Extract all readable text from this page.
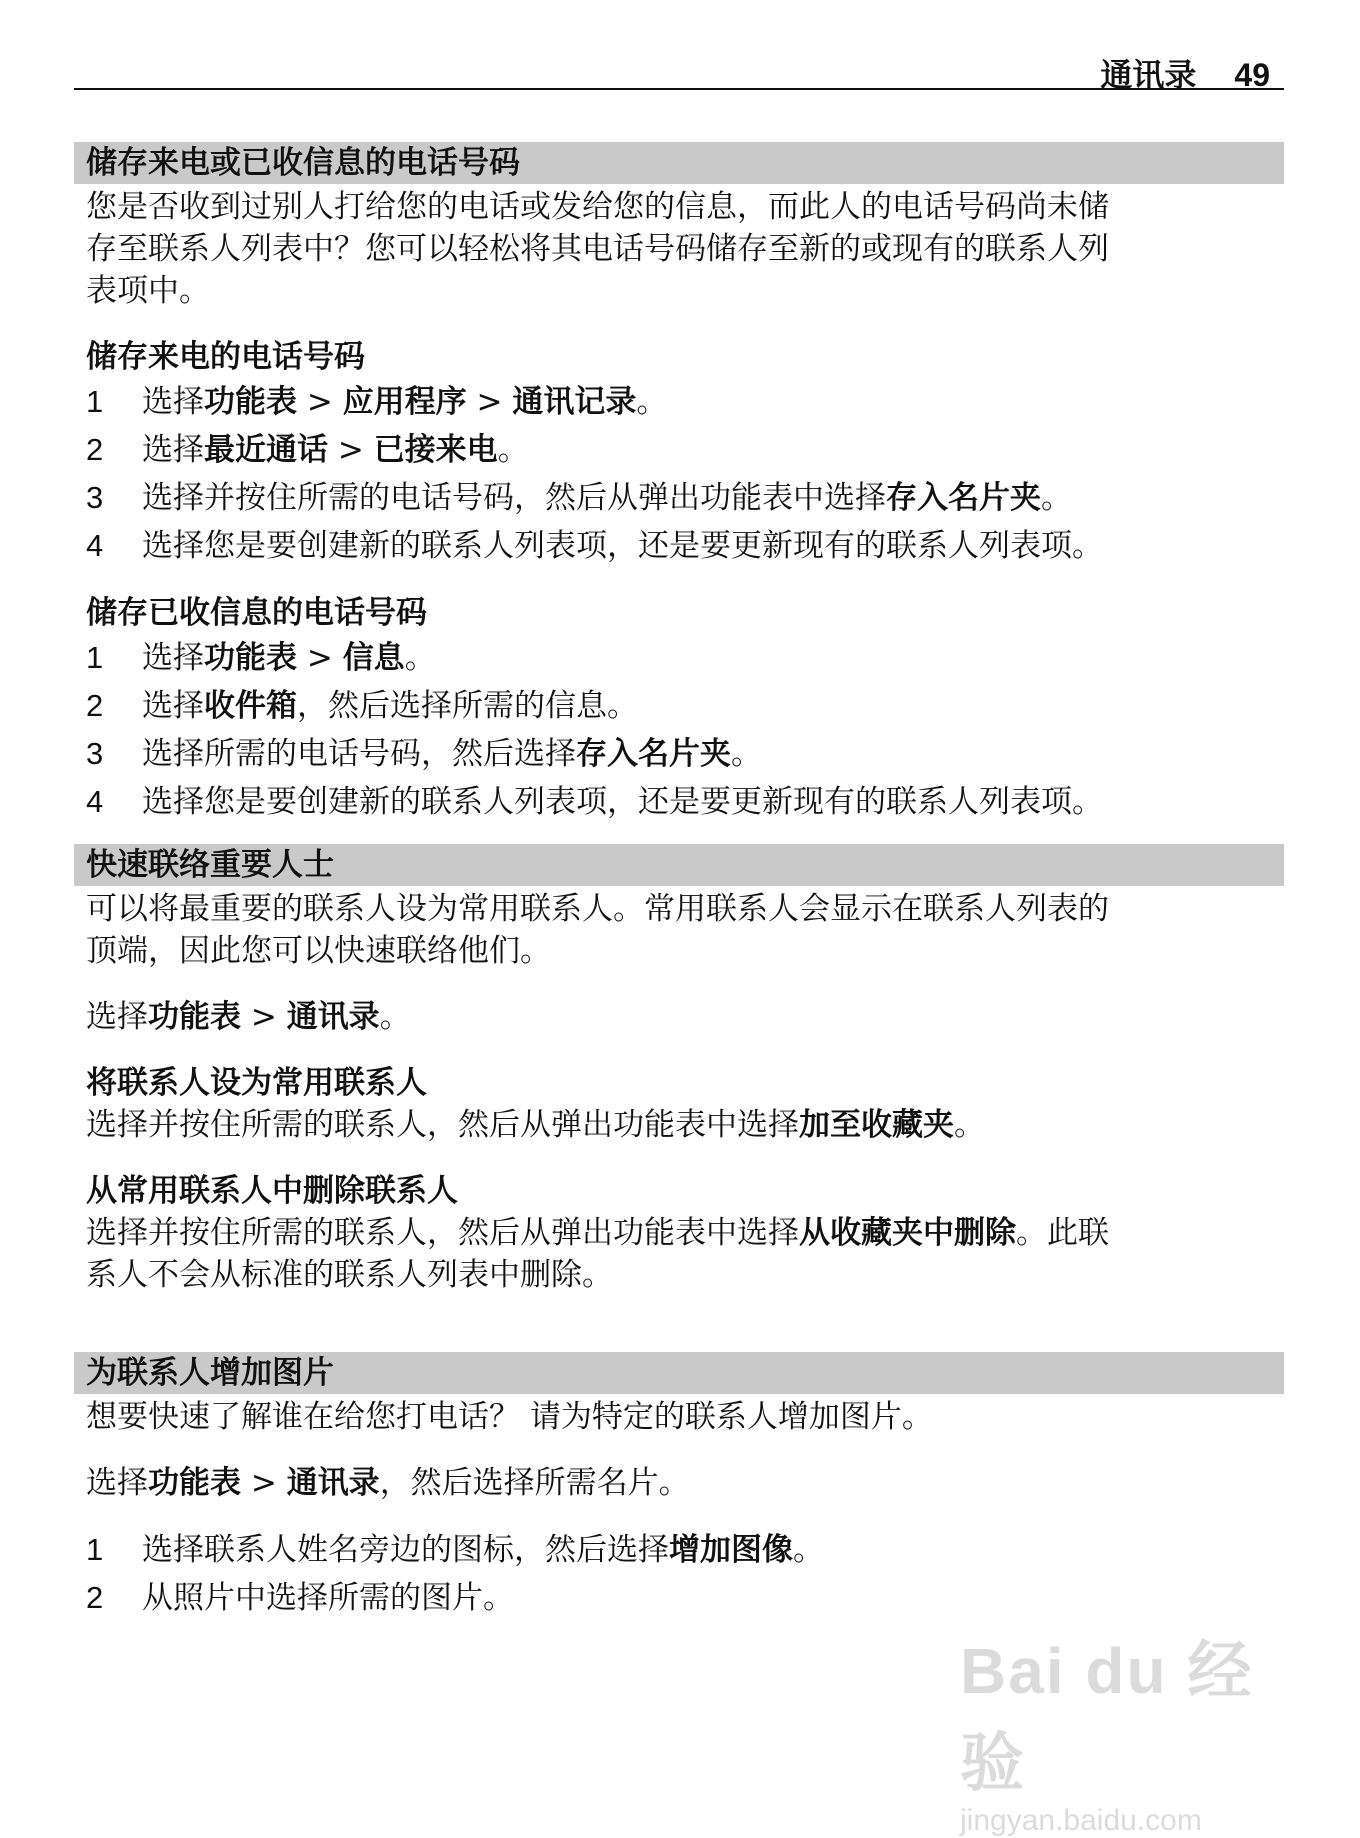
通讯录 49
储存来电或已收信息的电话号码

您是否收到过别人打给您的电话或发给您的信息，而此人的电话号码尚未储

存至联系人列表中？您可以轻松将其电话号码储存至新的或现有的联系人列

表项中。

储存来电的电话号码

1 选择功能表 > 应用程序 > 通讯记录。

2 选择最近通话 > 已接来电。

3 选择并按住所需的电话号码，然后从弹出功能表中选择存入名片夹。

4 选择您是要创建新的联系人列表项，还是要更新现有的联系人列表项。

储存已收信息的电话号码

1 选择功能表 > 信息。

2 选择收件箱，然后选择所需的信息。

3 选择所需的电话号码，然后选择存入名片夹。

4 选择您是要创建新的联系人列表项，还是要更新现有的联系人列表项。

快速联络重要人士

可以将最重要的联系人设为常用联系人。常用联系人会显示在联系人列表的

顶端，因此您可以快速联络他们。

选择功能表 > 通讯录。

将联系人设为常用联系人

选择并按住所需的联系人，然后从弹出功能表中选择加至收藏夹。

从常用联系人中删除联系人

选择并按住所需的联系人，然后从弹出功能表中选择从收藏夹中删除。此联

系人不会从标准的联系人列表中删除。

为联系人增加图片

想要快速了解谁在给您打电话？ 请为特定的联系人增加图片。

选择功能表 > 通讯录，然后选择所需名片。

1 选择联系人姓名旁边的图标，然后选择增加图像。

2 从照片中选择所需的图片。

Bai du 经验
jingyan.baidu.com
